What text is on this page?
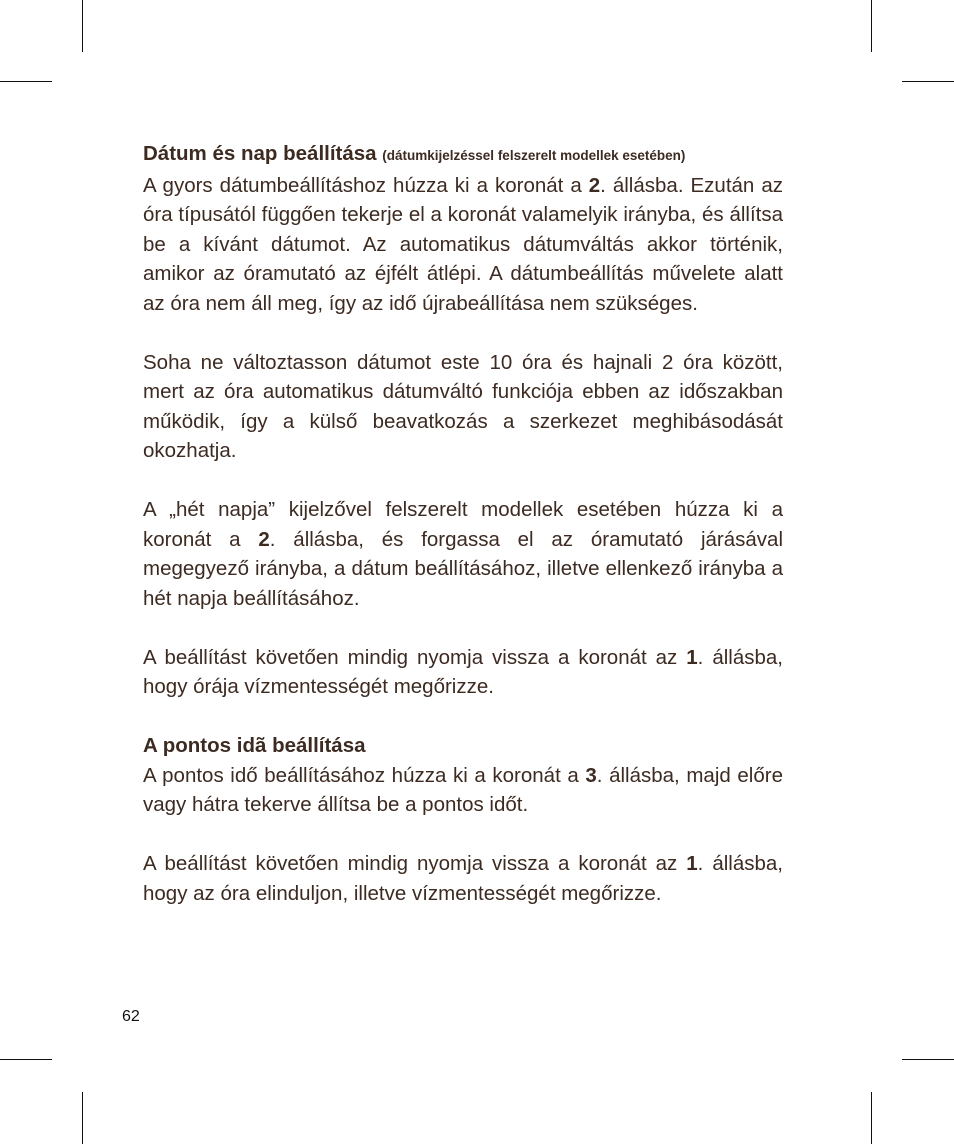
Dátum és nap beállítása (dátumkijelzéssel felszerelt modellek esetében)

A gyors dátumbeállításhoz húzza ki a koronát a 2. állásba. Ezután az óra típusától függően tekerje el a koronát valamelyik irányba, és állítsa be a kívánt dátumot. Az automatikus dátumváltás akkor történik, amikor az óramutató az éjfélt átlépi. A dátumbeállítás művelete alatt az óra nem áll meg, így az idő újrabeállítása nem szükséges.

Soha ne változtasson dátumot este 10 óra és hajnali 2 óra között, mert az óra automatikus dátumváltó funkciója ebben az időszakban működik, így a külső beavatkozás a szerkezet meghibásodását okozhatja.

A „hét napja” kijelzővel felszerelt modellek esetében húzza ki a koronát a 2. állásba, és forgassa el az óramutató járásával megegyező irányba, a dátum beállításához, illetve ellenkező irányba a hét napja beállításához.

A beállítást követően mindig nyomja vissza a koronát az 1. állásba, hogy órája vízmentességét megőrizze.

A pontos idã beállítása

A pontos idő beállításához húzza ki a koronát a 3. állásba, majd előre vagy hátra tekerve állítsa be a pontos időt.

A beállítást követően mindig nyomja vissza a koronát az 1. állásba, hogy az óra elinduljon, illetve vízmentességét megőrizze.

62
